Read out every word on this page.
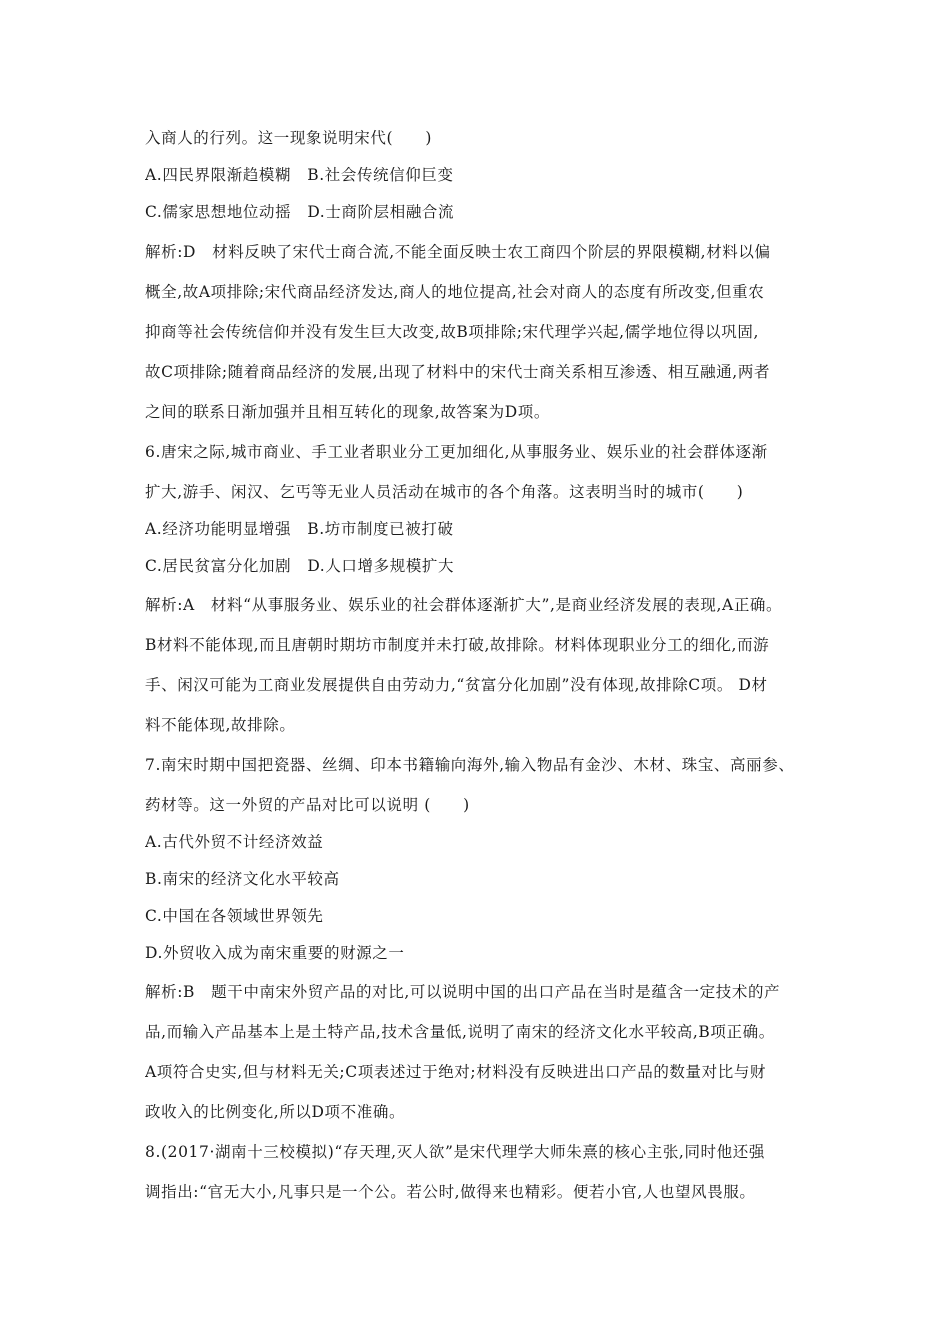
入商人的行列。这一现象说明宋代(　　)
A.四民界限渐趋模糊　B.社会传统信仰巨变
C.儒家思想地位动摇　D.士商阶层相融合流
解析:D　材料反映了宋代士商合流,不能全面反映士农工商四个阶层的界限模糊,材料以偏
概全,故A项排除;宋代商品经济发达,商人的地位提高,社会对商人的态度有所改变,但重农
抑商等社会传统信仰并没有发生巨大改变,故B项排除;宋代理学兴起,儒学地位得以巩固,
故C项排除;随着商品经济的发展,出现了材料中的宋代士商关系相互渗透、相互融通,两者
之间的联系日渐加强并且相互转化的现象,故答案为D项。
6.唐宋之际,城市商业、手工业者职业分工更加细化,从事服务业、娱乐业的社会群体逐渐
扩大,游手、闲汉、乞丐等无业人员活动在城市的各个角落。这表明当时的城市(　　)
A.经济功能明显增强　B.坊市制度已被打破
C.居民贫富分化加剧　D.人口增多规模扩大
解析:A　材料“从事服务业、娱乐业的社会群体逐渐扩大”,是商业经济发展的表现,A正确。
B材料不能体现,而且唐朝时期坊市制度并未打破,故排除。材料体现职业分工的细化,而游
手、闲汉可能为工商业发展提供自由劳动力,“贫富分化加剧”没有体现,故排除C项。 D材
料不能体现,故排除。
7.南宋时期中国把瓷器、丝绸、印本书籍输向海外,输入物品有金沙、木材、珠宝、高丽参、
药材等。这一外贸的产品对比可以说明 (　　)
A.古代外贸不计经济效益
B.南宋的经济文化水平较高
C.中国在各领域世界领先
D.外贸收入成为南宋重要的财源之一
解析:B　题干中南宋外贸产品的对比,可以说明中国的出口产品在当时是蕴含一定技术的产
品,而输入产品基本上是土特产品,技术含量低,说明了南宋的经济文化水平较高,B项正确。
A项符合史实,但与材料无关;C项表述过于绝对;材料没有反映进出口产品的数量对比与财
政收入的比例变化,所以D项不准确。
8.(2017·湖南十三校模拟)“存天理,灭人欲”是宋代理学大师朱熹的核心主张,同时他还强
调指出:“官无大小,凡事只是一个公。若公时,做得来也精彩。便若小官,人也望风畏服。
